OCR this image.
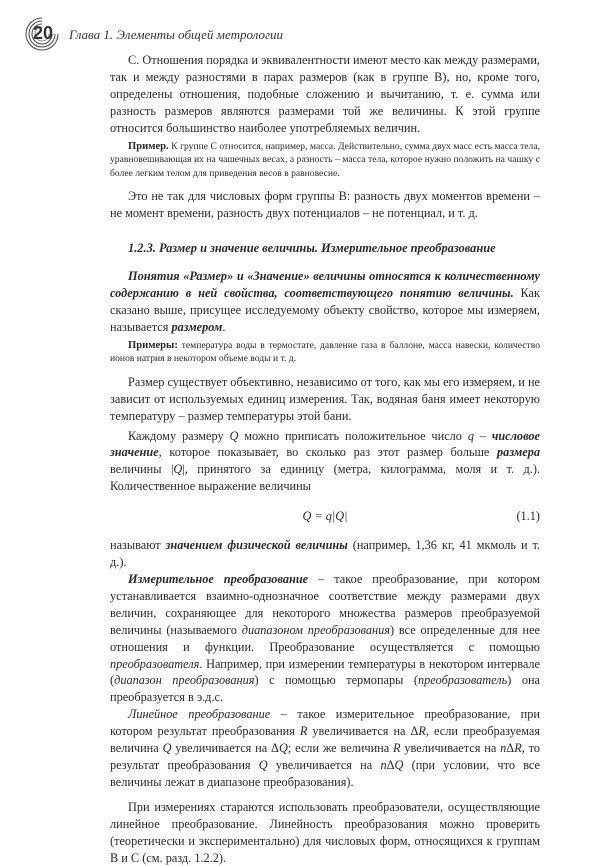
20	Глава 1. Элементы общей метрологии

С. Отношения порядка и эквивалентности имеют место как между размерами, так и между разностями в парах размеров (как в группе В), но, кроме того, определены отношения, подобные сложению и вычитанию, т. е. сумма или разность размеров являются размерами той же величины. К этой группе относится большинство наиболее употребляемых величин.

Пример. К группе С относится, например, масса. Действительно, сумма двух масс есть масса тела, уравновешивающая их на чашечных весах, а разность – масса тела, которое нужно положить на чашку с более легким телом для приведения весов в равновесие.

Это не так для числовых форм группы В: разность двух моментов времени – не момент времени, разность двух потенциалов – не потенциал, и т. д.

1.2.3. Размер и значение величины. Измерительное преобразование

Понятия «Размер» и «Значение» величины относятся к количественному содержанию в ней свойства, соответствующего понятию величины. Как сказано выше, присущее исследуемому объекту свойство, которое мы измеряем, называется размером.

Примеры: температура воды в термостате, давление газа в баллоне, масса навески, количество ионов натрия в некотором объеме воды и т. д.

Размер существует объективно, независимо от того, как мы его измеряем, и не зависит от используемых единиц измерения. Так, водяная баня имеет некоторую температуру – размер температуры этой бани.

Каждому размеру Q можно приписать положительное число q – числовое значение, которое показывает, во сколько раз этот размер больше размера величины |Q|, принятого за единицу (метра, килограмма, моля и т. д.). Количественное выражение величины

Q = q|Q|	(1.1)

называют значением физической величины (например, 1,36 кг, 41 мкмоль и т. д.).

Измерительное преобразование – такое преобразование, при котором устанавливается взаимно-однозначное соответствие между размерами двух величин, сохраняющее для некоторого множества размеров преобразуемой величины (называемого диапазоном преобразования) все определенные для нее отношения и функции. Преобразование осуществляется с помощью преобразователя. Например, при измерении температуры в некотором интервале (диапазон преобразования) с помощью термопары (преобразователь) она преобразуется в э.д.с.

Линейное преобразование – такое измерительное преобразование, при котором результат преобразования R увеличивается на ΔR, если преобразуемая величина Q увеличивается на ΔQ; если же величина R увеличивается на nΔR, то результат преобразования Q увеличивается на nΔQ (при условии, что все величины лежат в диапазоне преобразования).

При измерениях стараются использовать преобразователи, осуществляющие линейное преобразование. Линейность преобразования можно проверить (теоретически и экспериментально) для числовых форм, относящихся к группам В и С (см. разд. 1.2.2).
